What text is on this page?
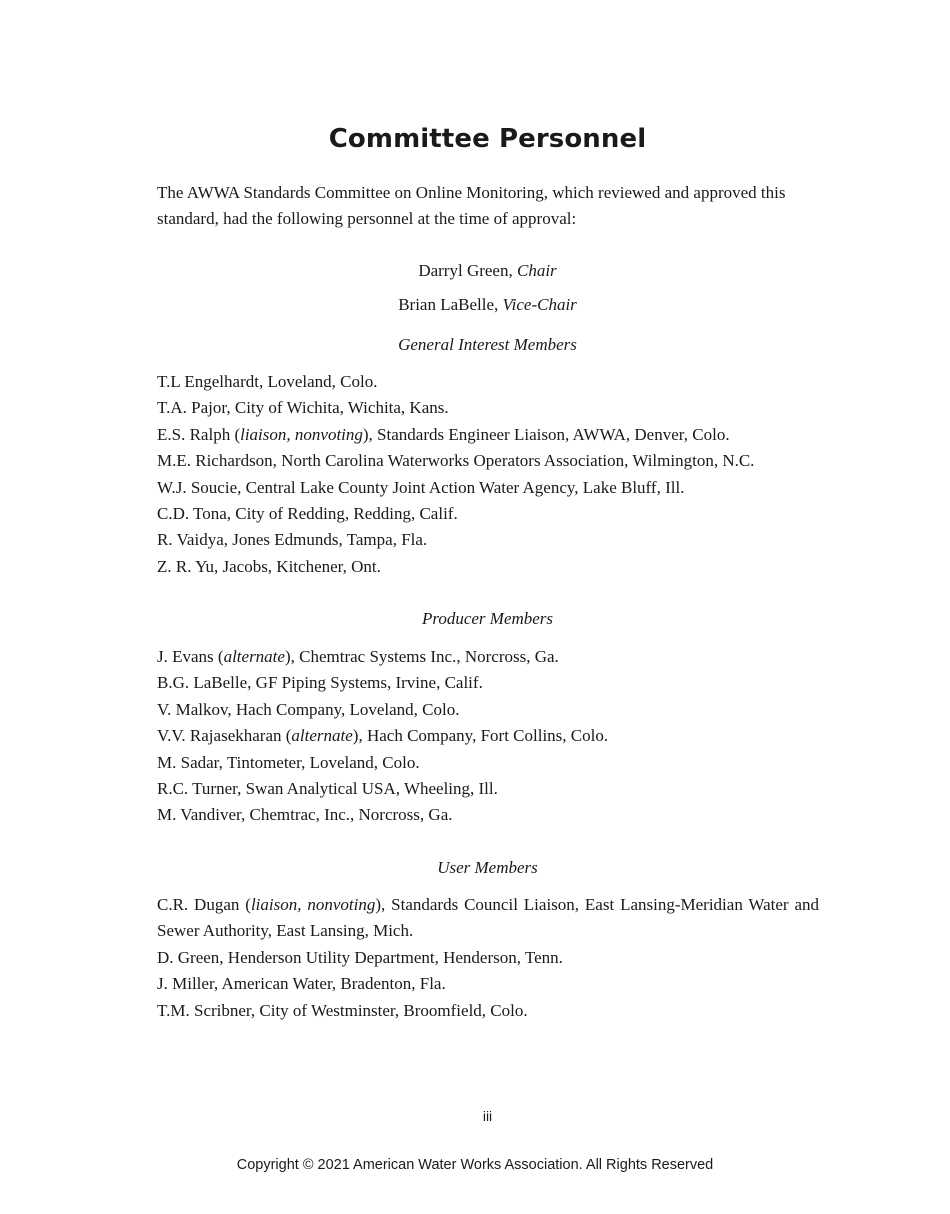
Committee Personnel

The AWWA Standards Committee on Online Monitoring, which reviewed and approved this standard, had the following personnel at the time of approval:

Darryl Green, Chair

Brian LaBelle, Vice-Chair

General Interest Members

T.L Engelhardt, Loveland, Colo.
T.A. Pajor, City of Wichita, Wichita, Kans.
E.S. Ralph (liaison, nonvoting), Standards Engineer Liaison, AWWA, Denver, Colo.
M.E. Richardson, North Carolina Waterworks Operators Association, Wilmington, N.C.
W.J. Soucie, Central Lake County Joint Action Water Agency, Lake Bluff, Ill.
C.D. Tona, City of Redding, Redding, Calif.
R. Vaidya, Jones Edmunds, Tampa, Fla.
Z. R. Yu, Jacobs, Kitchener, Ont.

Producer Members

J. Evans (alternate), Chemtrac Systems Inc., Norcross, Ga.
B.G. LaBelle, GF Piping Systems, Irvine, Calif.
V. Malkov, Hach Company, Loveland, Colo.
V.V. Rajasekharan (alternate), Hach Company, Fort Collins, Colo.
M. Sadar, Tintometer, Loveland, Colo.
R.C. Turner, Swan Analytical USA, Wheeling, Ill.
M. Vandiver, Chemtrac, Inc., Norcross, Ga.

User Members

C.R. Dugan (liaison, nonvoting), Standards Council Liaison, East Lansing-Meridian Water and Sewer Authority, East Lansing, Mich.
D. Green, Henderson Utility Department, Henderson, Tenn.
J. Miller, American Water, Bradenton, Fla.
T.M. Scribner, City of Westminster, Broomfield, Colo.
iii
Copyright © 2021 American Water Works Association. All Rights Reserved
